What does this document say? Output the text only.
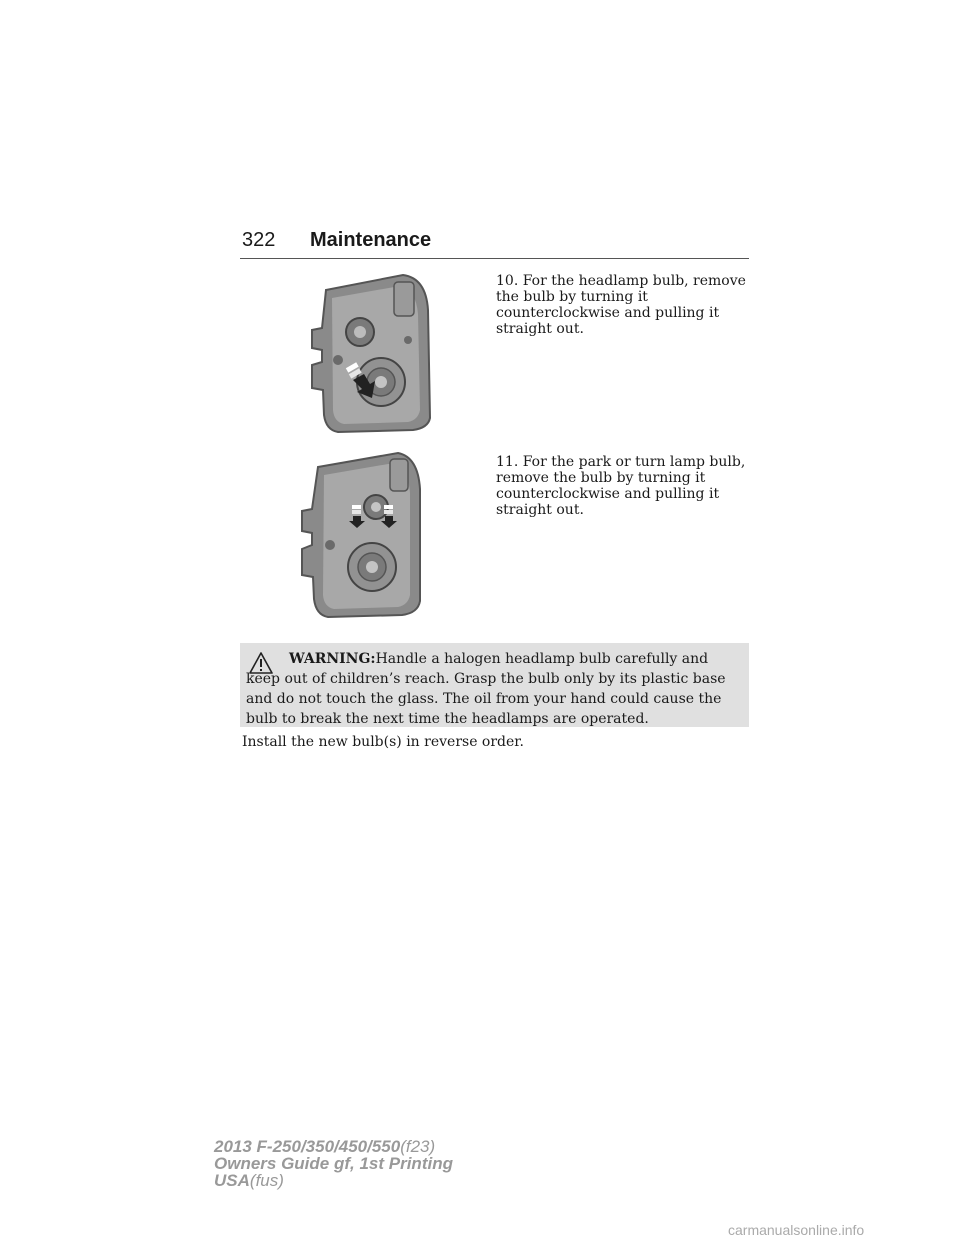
322 Maintenance
10. For the headlamp bulb, remove the bulb by turning it counterclockwise and pulling it straight out.
11. For the park or turn lamp bulb, remove the bulb by turning it counterclockwise and pulling it straight out.
WARNING:Handle a halogen headlamp bulb carefully and keep out of children’s reach. Grasp the bulb only by its plastic base and do not touch the glass. The oil from your hand could cause the bulb to break the next time the headlamps are operated.
Install the new bulb(s) in reverse order.
2013 F-250/350/450/550(f23)
Owners Guide gf, 1st Printing
USA(fus)
carmanualsonline.info
